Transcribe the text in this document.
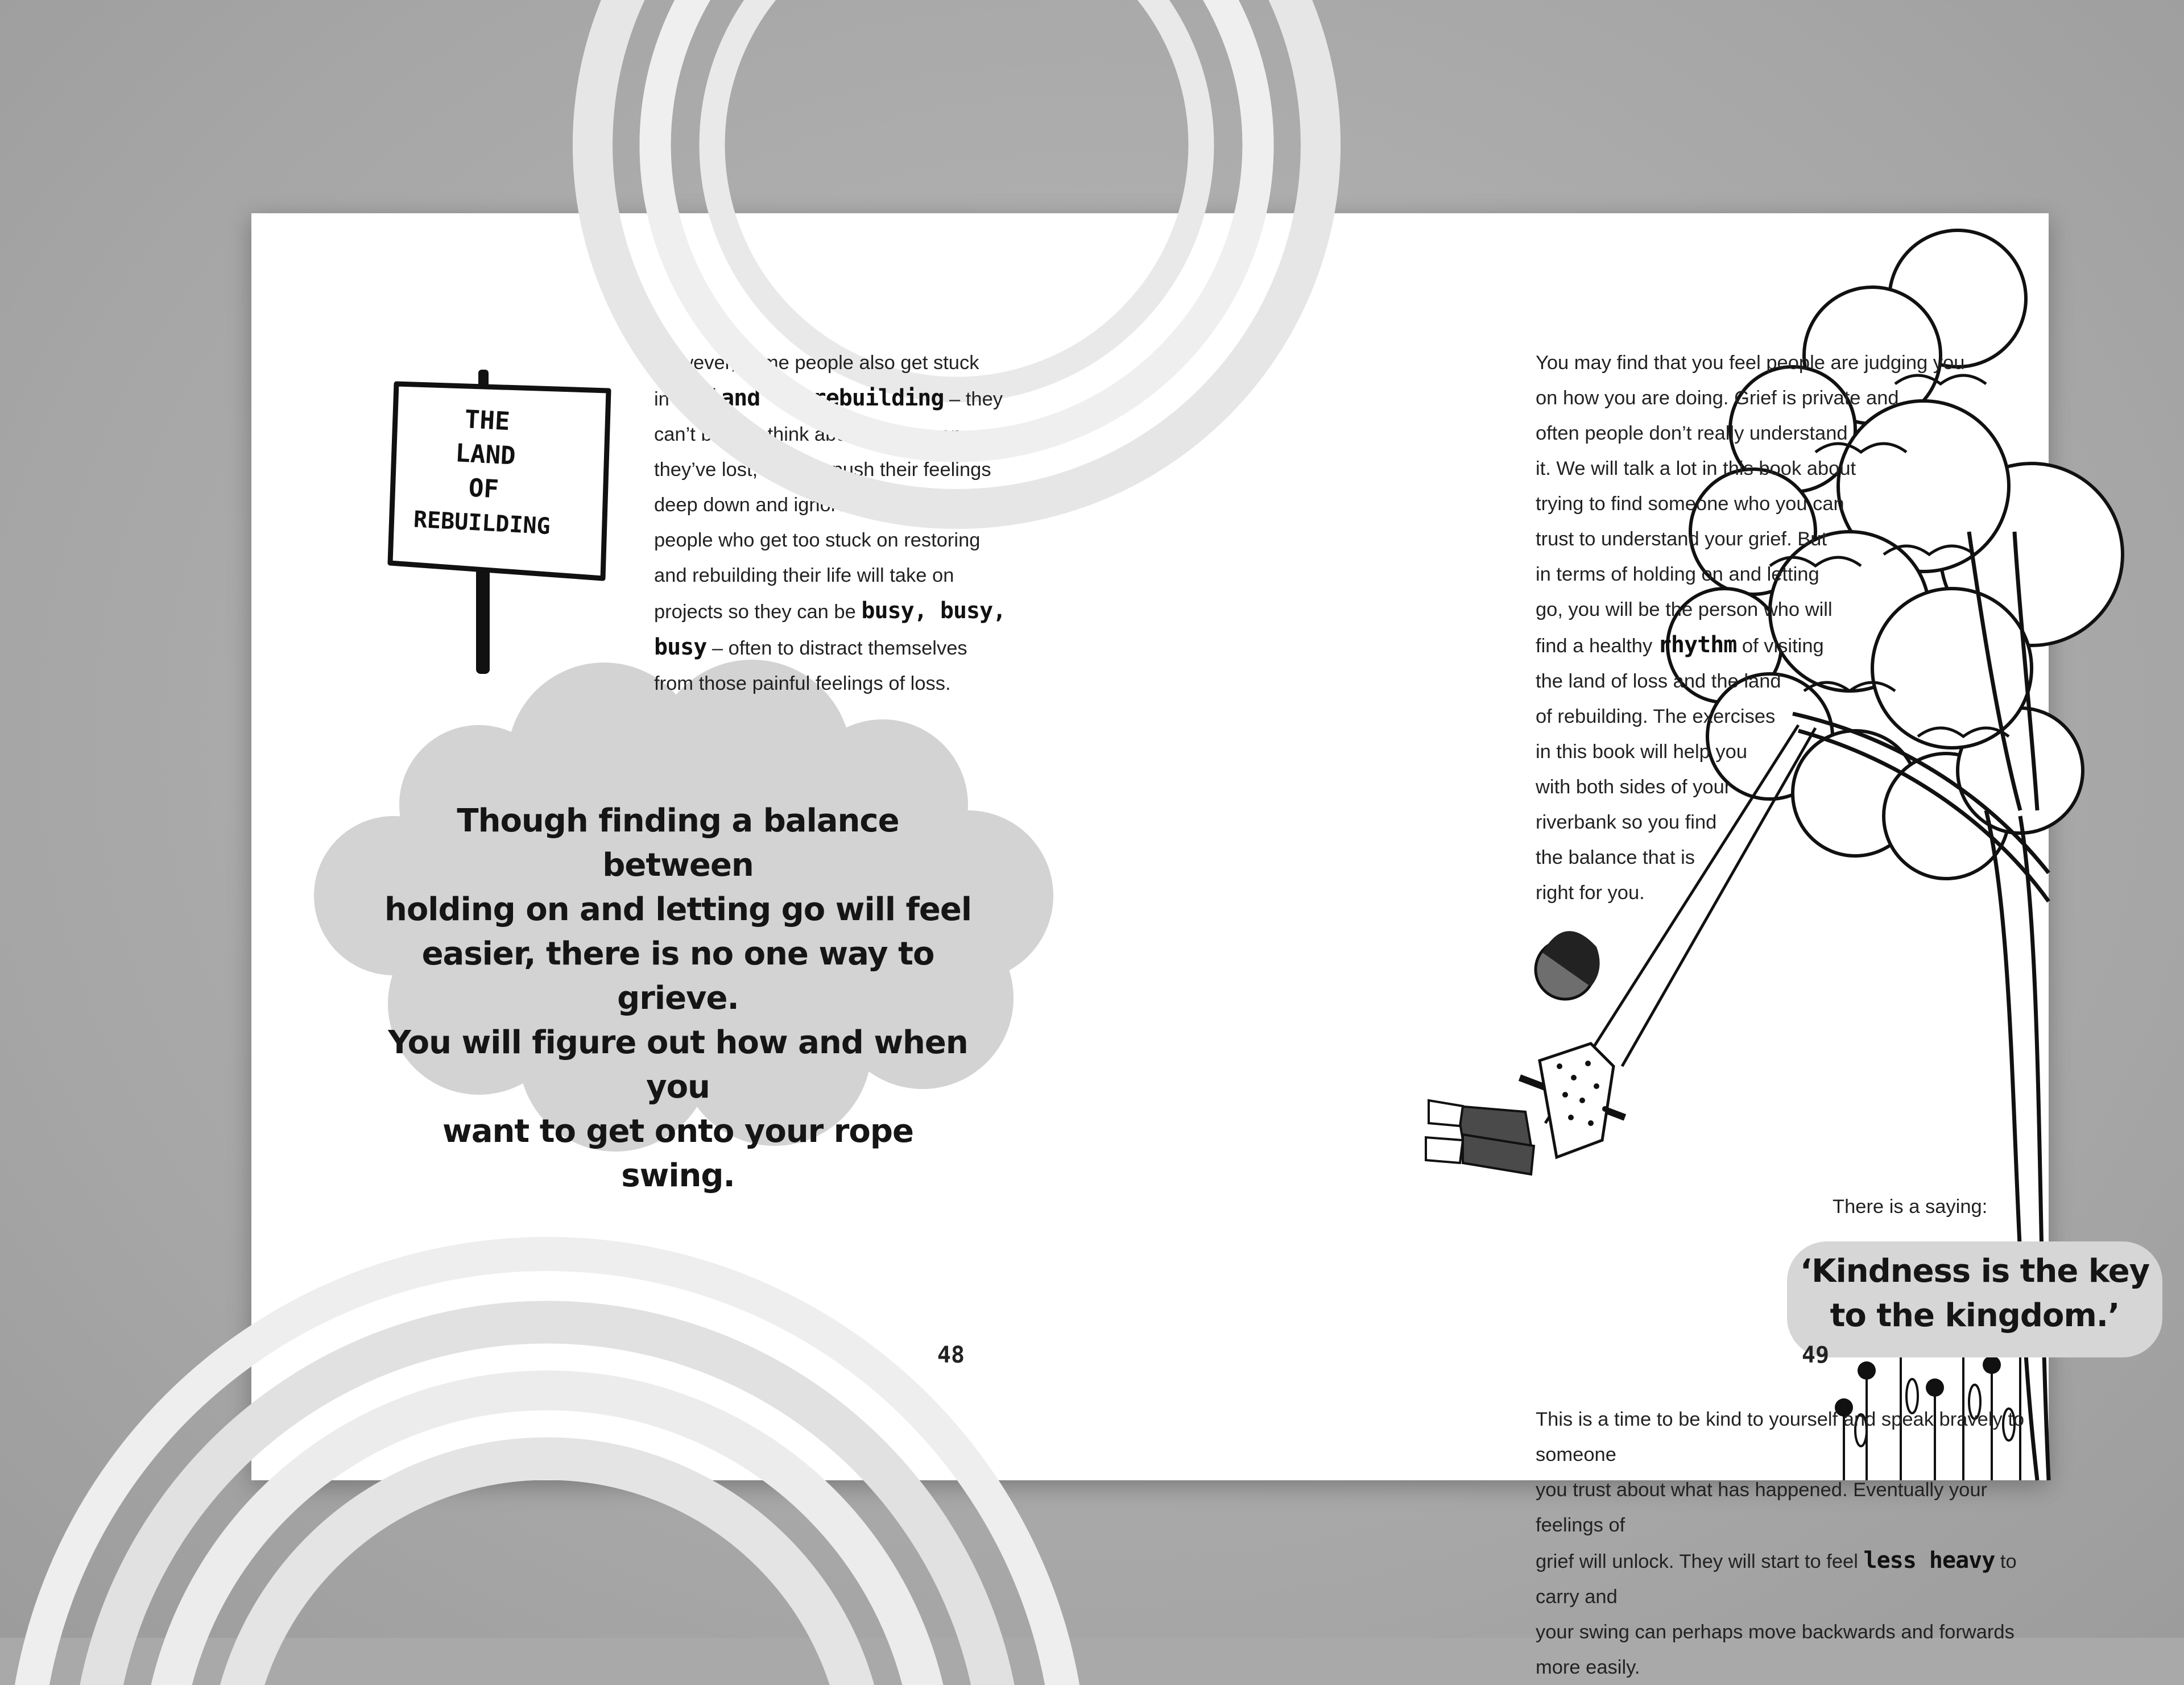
THE
LAND
OF
REBUILDING

However, some people also get stuck

in the land of rebuilding – they

can’t bear to think about the person

they’ve lost, so they push their feelings

deep down and ignore them. Many

people who get too stuck on restoring

and rebuilding their life will take on

projects so they can be busy, busy,

busy – often to distract themselves

from those painful feelings of loss.

Though finding a balance between
holding on and letting go will feel
easier, there is no one way to grieve.
You will figure out how and when you
want to get onto your rope swing.
48

You may find that you feel people are judging you

on how you are doing. Grief is private and

often people don’t really understand

it. We will talk a lot in this book about

trying to find someone who you can

trust to understand your grief. But

in terms of holding on and letting

go, you will be the person who will

find a healthy rhythm of visiting

the land of loss and the land

of rebuilding. The exercises

in this book will help you

with both sides of your

riverbank so you find

the balance that is

right for you.

There is a saying:
‘Kindness is the key
to the kingdom.’

This is a time to be kind to yourself and speak bravely to someone

you trust about what has happened. Eventually your feelings of

grief will unlock. They will start to feel less heavy to carry and

your swing can perhaps move backwards and forwards more easily.

49
